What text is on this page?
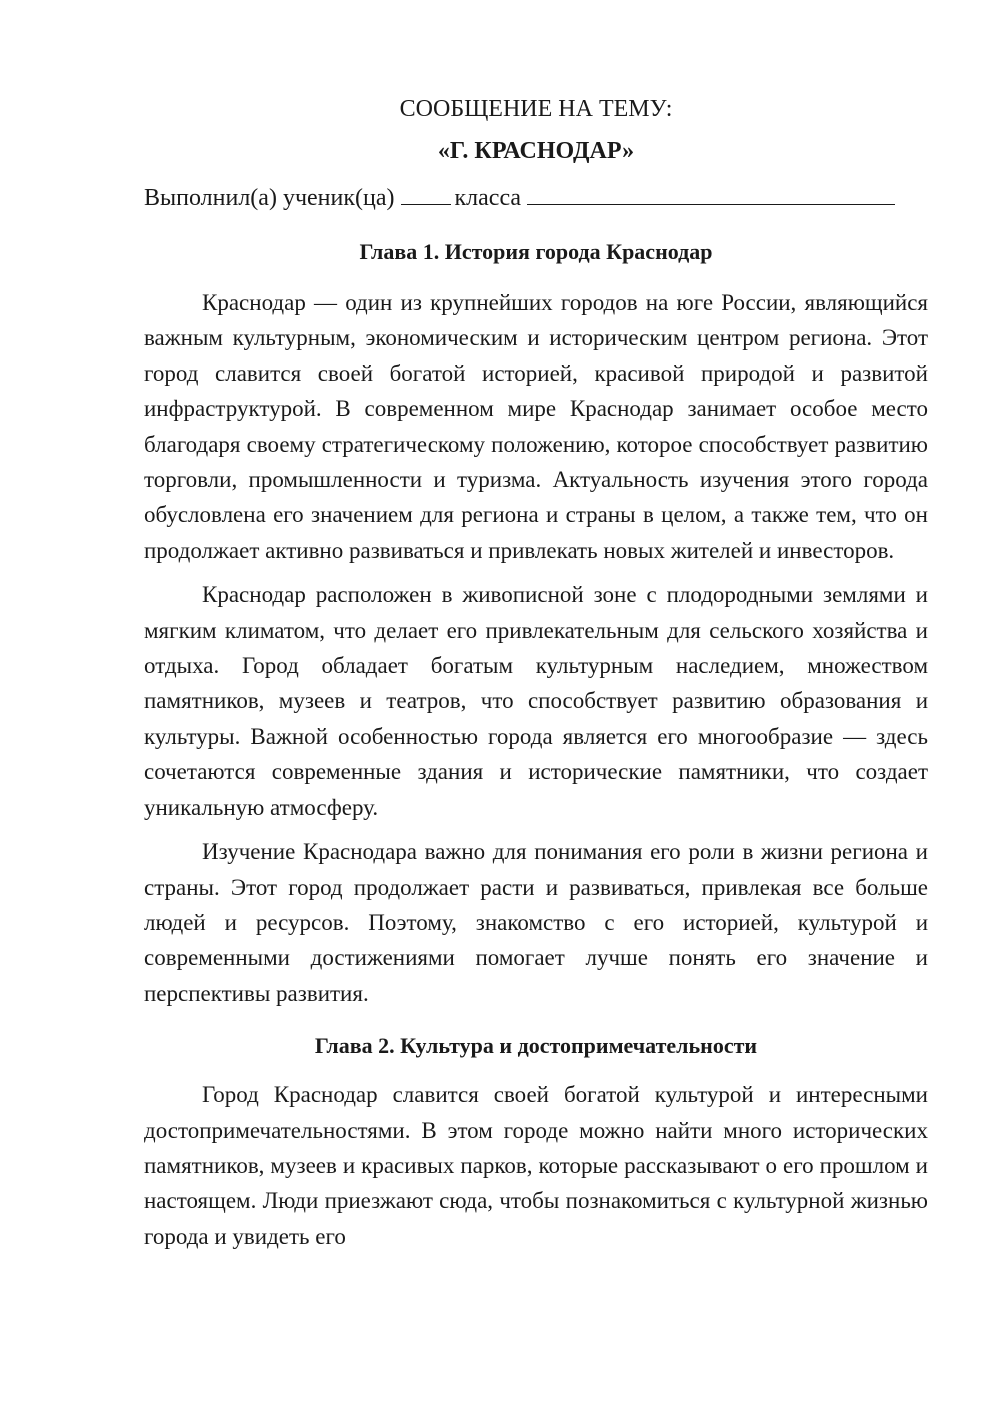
СООБЩЕНИЕ НА ТЕМУ:

«Г. КРАСНОДАР»

Выполнил(а) ученик(ца)	класса

Глава 1. История города Краснодар

Краснодар — один из крупнейших городов на юге России, являющийся важным культурным, экономическим и историческим центром региона. Этот город славится своей богатой историей, красивой природой и развитой инфраструктурой. В современном мире Краснодар занимает особое место благодаря своему стратегическому положению, которое способствует развитию торговли, промышленности и туризма. Актуальность изучения этого города обусловлена его значением для региона и страны в целом, а также тем, что он продолжает активно развиваться и привлекать новых жителей и инвесторов.

Краснодар расположен в живописной зоне с плодородными землями и мягким климатом, что делает его привлекательным для сельского хозяйства и отдыха. Город обладает богатым культурным наследием, множеством памятников, музеев и театров, что способствует развитию образования и культуры. Важной особенностью города является его многообразие — здесь сочетаются современные здания и исторические памятники, что создает уникальную атмосферу.

Изучение Краснодара важно для понимания его роли в жизни региона и страны. Этот город продолжает расти и развиваться, привлекая все больше людей и ресурсов. Поэтому, знакомство с его историей, культурой и современными достижениями помогает лучше понять его значение и перспективы развития.

Глава 2. Культура и достопримечательности

Город Краснодар славится своей богатой культурой и интересными достопримечательностями. В этом городе можно найти много исторических памятников, музеев и красивых парков, которые рассказывают о его прошлом и настоящем. Люди приезжают сюда, чтобы познакомиться с культурной жизнью города и увидеть его
